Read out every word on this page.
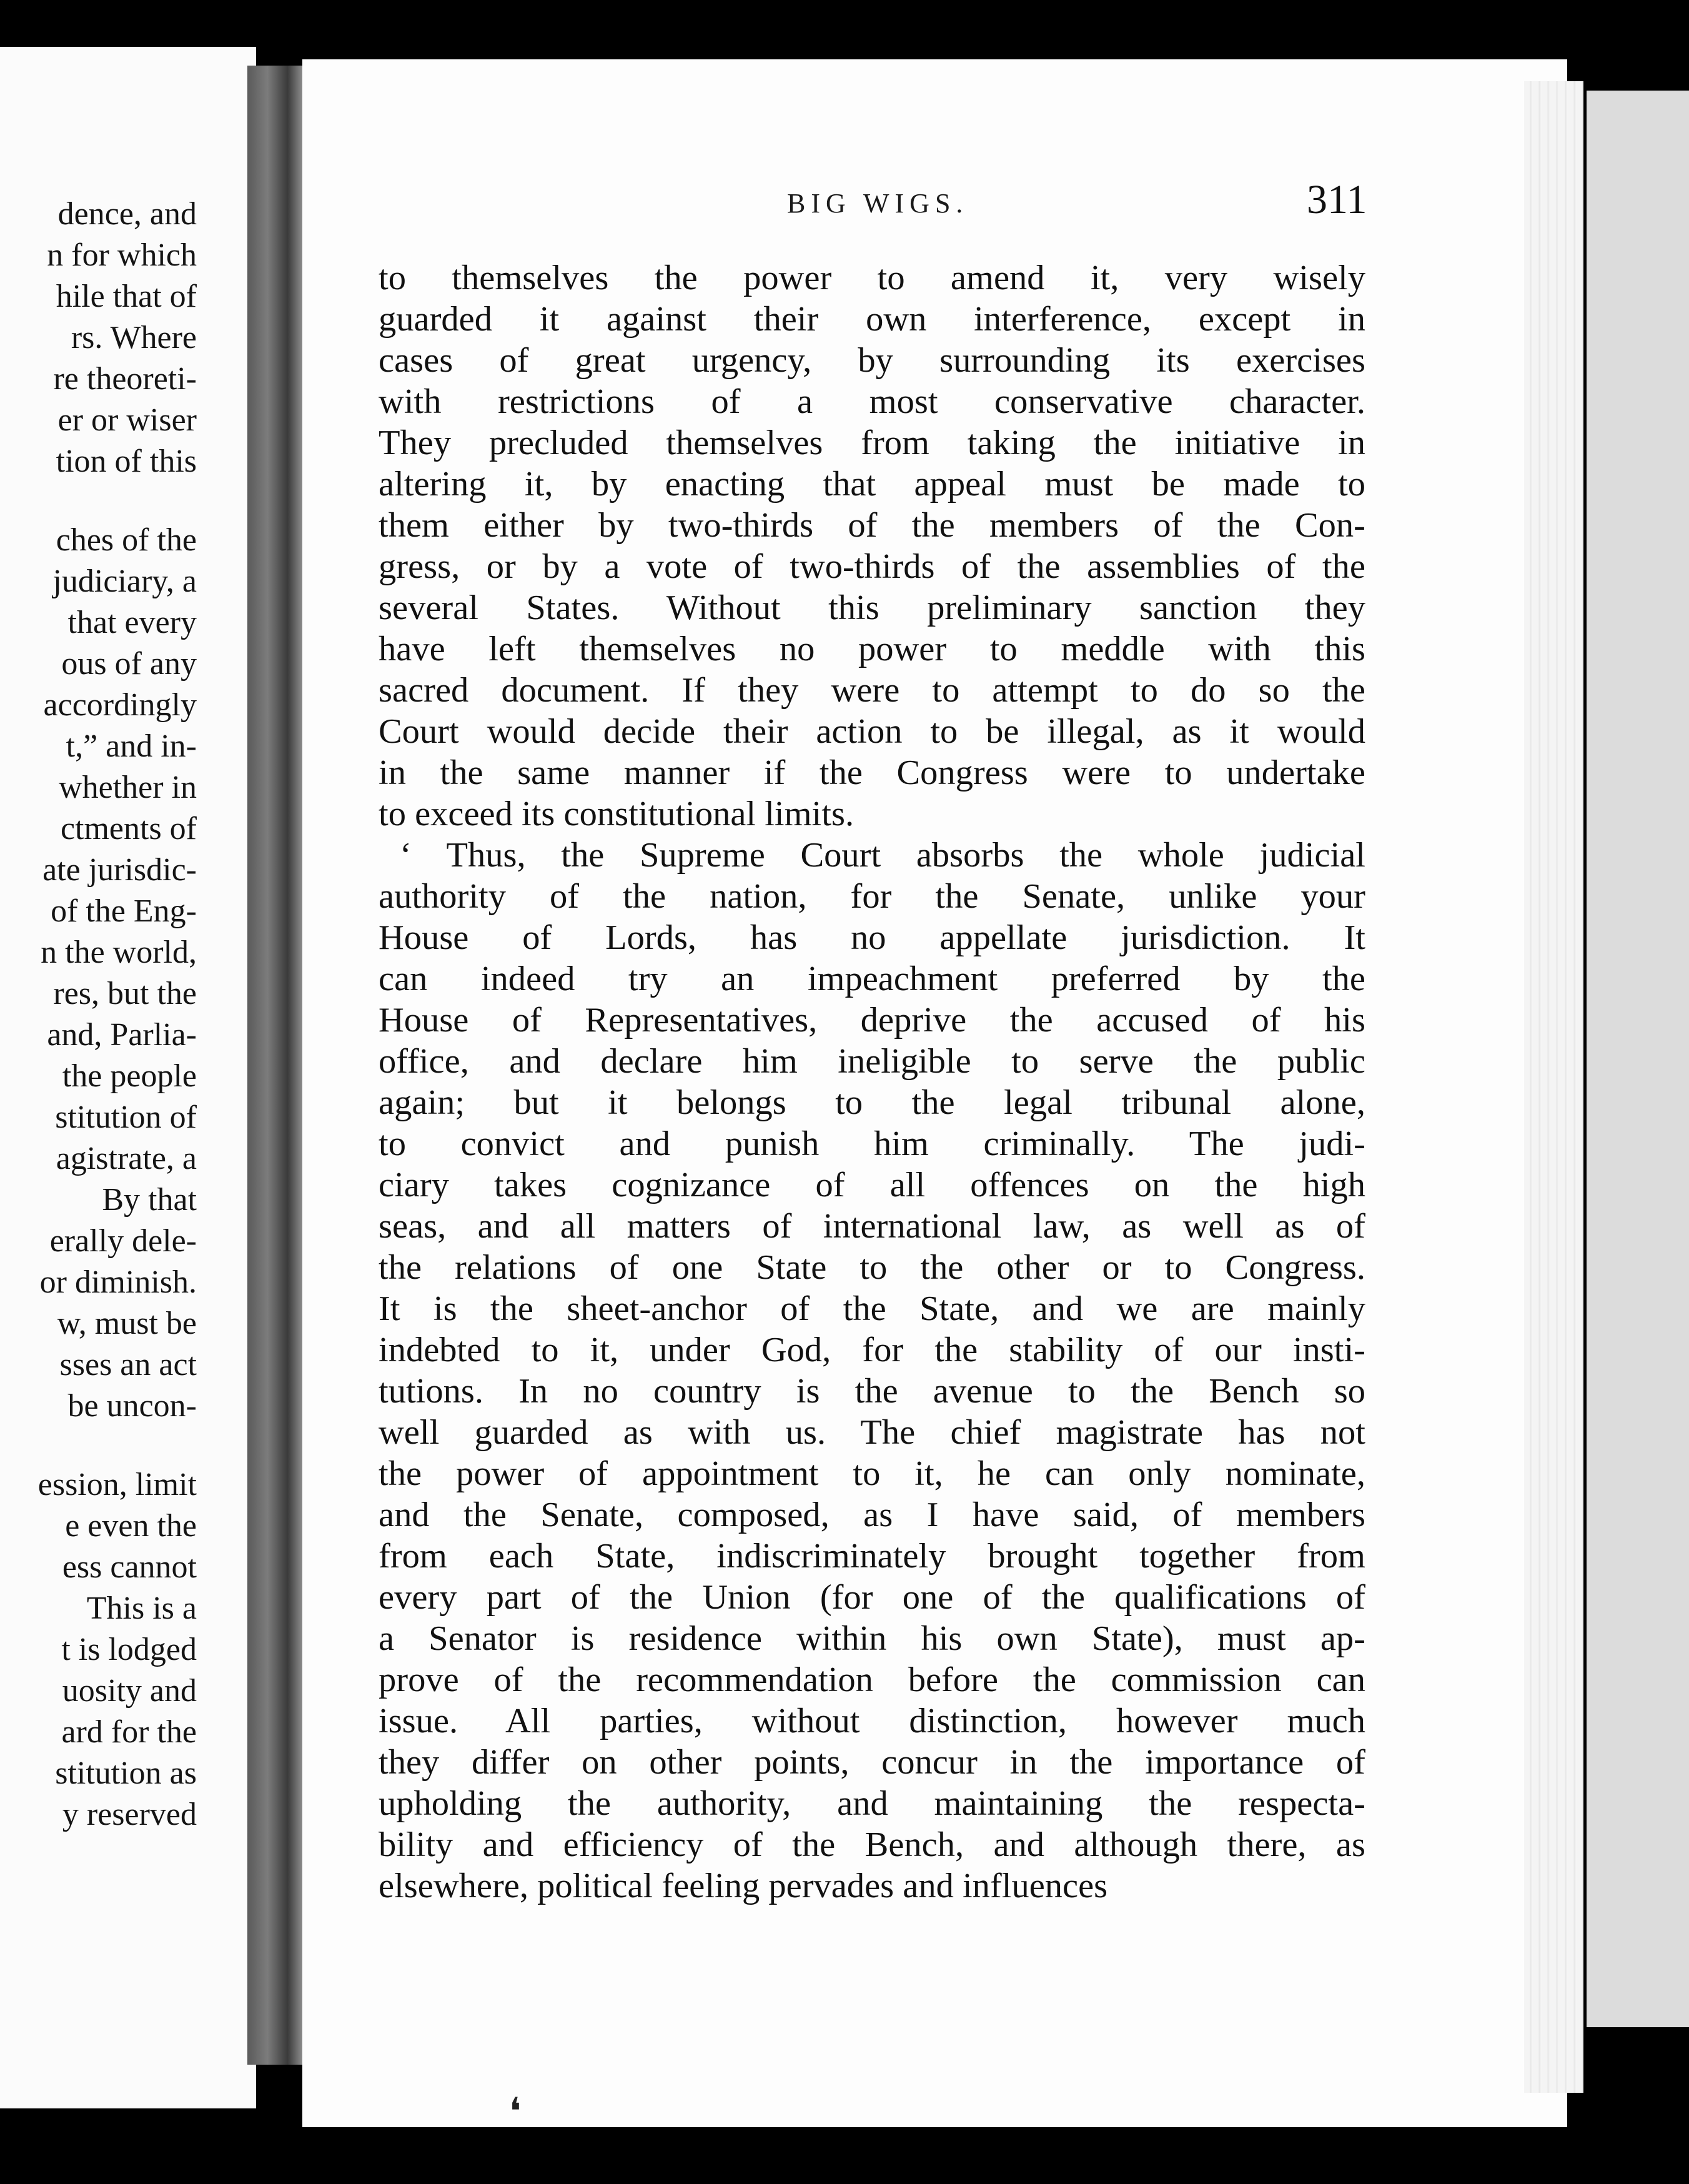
dence, and
n for which
hile that of
rs. Where
re theoreti-
er or wiser
tion of this
ches of the
judiciary, a
that every
ous of any
accordingly
t,” and in-
whether in
ctments of
ate jurisdic-
of the Eng-
n the world,
res, but the
and, Parlia-
the people
stitution of
agistrate, a
By that
erally dele-
or diminish.
w, must be
sses an act
be uncon-
ession, limit
e even the
ess cannot
This is a
t is lodged
uosity and
ard for the
stitution as
y reserved
BIG WIGS.	311
to themselves the power to amend it, very wisely
guarded it against their own interference, except in
cases of great urgency, by surrounding its exercises
with restrictions of a most conservative character.
They precluded themselves from taking the initiative in
altering it, by enacting that appeal must be made to
them either by two-thirds of the members of the Con-
gress, or by a vote of two-thirds of the assemblies of the
several States. Without this preliminary sanction they
have left themselves no power to meddle with this
sacred document. If they were to attempt to do so the
Court would decide their action to be illegal, as it would
in the same manner if the Congress were to undertake
to exceed its constitutional limits.
‘ Thus, the Supreme Court absorbs the whole judicial
authority of the nation, for the Senate, unlike your
House of Lords, has no appellate jurisdiction. It
can indeed try an impeachment preferred by the
House of Representatives, deprive the accused of his
office, and declare him ineligible to serve the public
again; but it belongs to the legal tribunal alone,
to convict and punish him criminally. The judi-
ciary takes cognizance of all offences on the high
seas, and all matters of international law, as well as of
the relations of one State to the other or to Congress.
It is the sheet-anchor of the State, and we are mainly
indebted to it, under God, for the stability of our insti-
tutions. In no country is the avenue to the Bench so
well guarded as with us. The chief magistrate has not
the power of appointment to it, he can only nominate,
and the Senate, composed, as I have said, of members
from each State, indiscriminately brought together from
every part of the Union (for one of the qualifications of
a Senator is residence within his own State), must ap-
prove of the recommendation before the commission can
issue. All parties, without distinction, however much
they differ on other points, concur in the importance of
upholding the authority, and maintaining the respecta-
bility and efficiency of the Bench, and although there, as
elsewhere, political feeling pervades and influences
❛
